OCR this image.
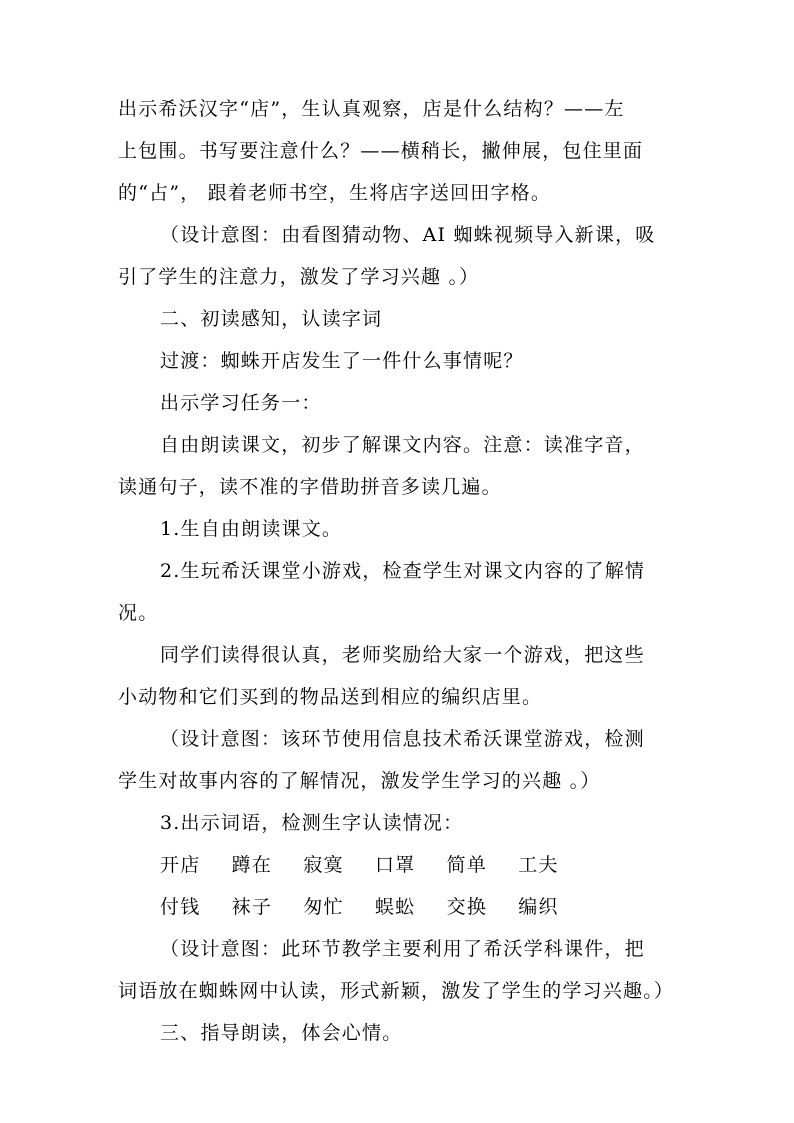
出示希沃汉字“店”，生认真观察，店是什么结构？——左
上包围。书写要注意什么？——横稍长，撇伸展，包住里面
的“占”， 跟着老师书空，生将店字送回田字格。
（设计意图：由看图猜动物、AI 蜘蛛视频导入新课，吸
引了学生的注意力，激发了学习兴趣 。）
二、初读感知，认读字词
过渡：蜘蛛开店发生了一件什么事情呢？
出示学习任务一：
自由朗读课文，初步了解课文内容。注意：读准字音，
读通句子，读不准的字借助拼音多读几遍。
1.生自由朗读课文。
2.生玩希沃课堂小游戏，检查学生对课文内容的了解情
况。
同学们读得很认真，老师奖励给大家一个游戏，把这些
小动物和它们买到的物品送到相应的编织店里。
（设计意图：该环节使用信息技术希沃课堂游戏，检测
学生对故事内容的了解情况，激发学生学习的兴趣 。）
3.出示词语，检测生字认读情况：
开店 蹲在 寂寞 口罩 简单 工夫
付钱 袜子 匆忙 蜈蚣 交换 编织
（设计意图：此环节教学主要利用了希沃学科课件，把
词语放在蜘蛛网中认读，形式新颖，激发了学生的学习兴趣。）
三、指导朗读，体会心情。
